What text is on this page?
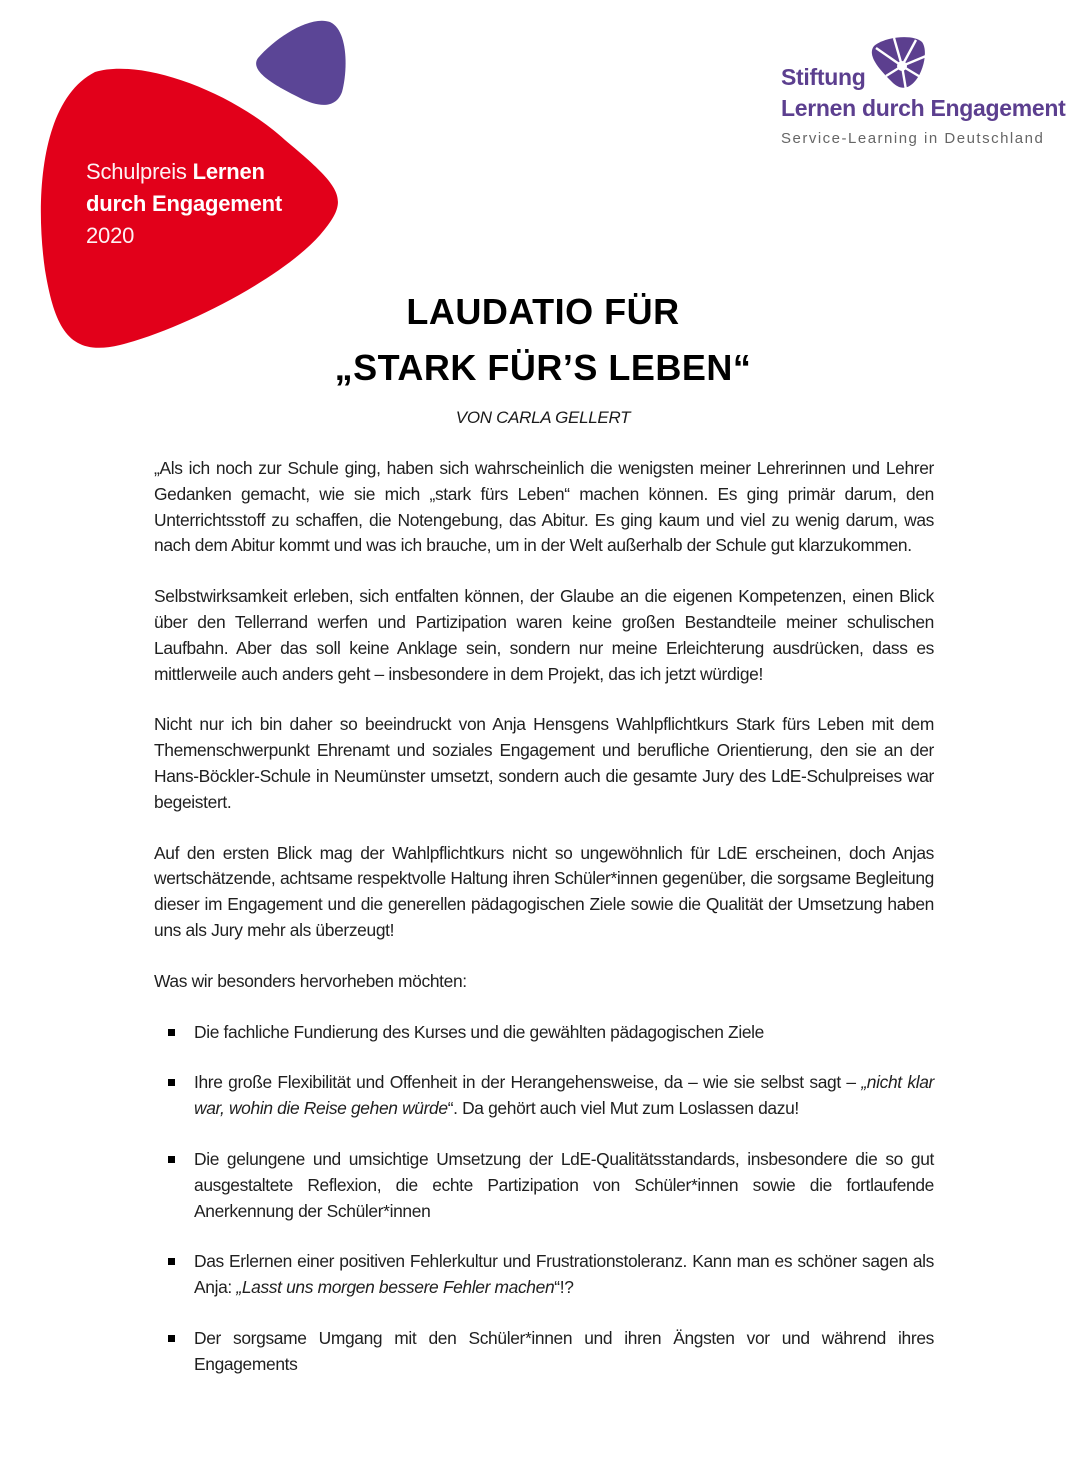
Schulpreis Lernen
durch Engagement
2020
Stiftung
Lernen durch Engagement
Service-Learning in Deutschland
LAUDATIO FÜR
„STARK FÜR’S LEBEN“
VON CARLA GELLERT

„Als ich noch zur Schule ging, haben sich wahrscheinlich die wenigsten meiner Lehrerinnen und Lehrer Gedanken gemacht, wie sie mich „stark fürs Leben“ machen können. Es ging primär darum, den Unterrichtsstoff zu schaffen, die Notengebung, das Abitur. Es ging kaum und viel zu wenig darum, was nach dem Abitur kommt und was ich brauche, um in der Welt außerhalb der Schule gut klarzukommen.

Selbstwirksamkeit erleben, sich entfalten können, der Glaube an die eigenen Kompetenzen, einen Blick über den Tellerrand werfen und Partizipation waren keine großen Bestandteile meiner schulischen Laufbahn. Aber das soll keine Anklage sein, sondern nur meine Erleichterung ausdrücken, dass es mittlerweile auch anders geht – insbesondere in dem Projekt, das ich jetzt würdige!

Nicht nur ich bin daher so beeindruckt von Anja Hensgens Wahlpflichtkurs Stark fürs Leben mit dem Themenschwerpunkt Ehrenamt und soziales Engagement und berufliche Orientierung, den sie an der Hans-Böckler-Schule in Neumünster umsetzt, sondern auch die gesamte Jury des LdE-Schulpreises war begeistert.

Auf den ersten Blick mag der Wahlpflichtkurs nicht so ungewöhnlich für LdE erscheinen, doch Anjas wertschätzende, achtsame respektvolle Haltung ihren Schüler*innen gegenüber, die sorgsame Begleitung dieser im Engagement und die generellen pädagogischen Ziele sowie die Qualität der Umsetzung haben uns als Jury mehr als überzeugt!

Was wir besonders hervorheben möchten:

Die fachliche Fundierung des Kurses und die gewählten pädagogischen Ziele
Ihre große Flexibilität und Offenheit in der Herangehensweise, da – wie sie selbst sagt – „nicht klar war, wohin die Reise gehen würde“. Da gehört auch viel Mut zum Loslassen dazu!
Die gelungene und umsichtige Umsetzung der LdE-Qualitätsstandards, insbesondere die so gut ausgestaltete Reflexion, die echte Partizipation von Schüler*innen sowie die fortlaufende Anerkennung der Schüler*innen
Das Erlernen einer positiven Fehlerkultur und Frustrationstoleranz. Kann man es schöner sagen als Anja: „Lasst uns morgen bessere Fehler machen“!?
Der sorgsame Umgang mit den Schüler*innen und ihren Ängsten vor und während ihres Engagements
